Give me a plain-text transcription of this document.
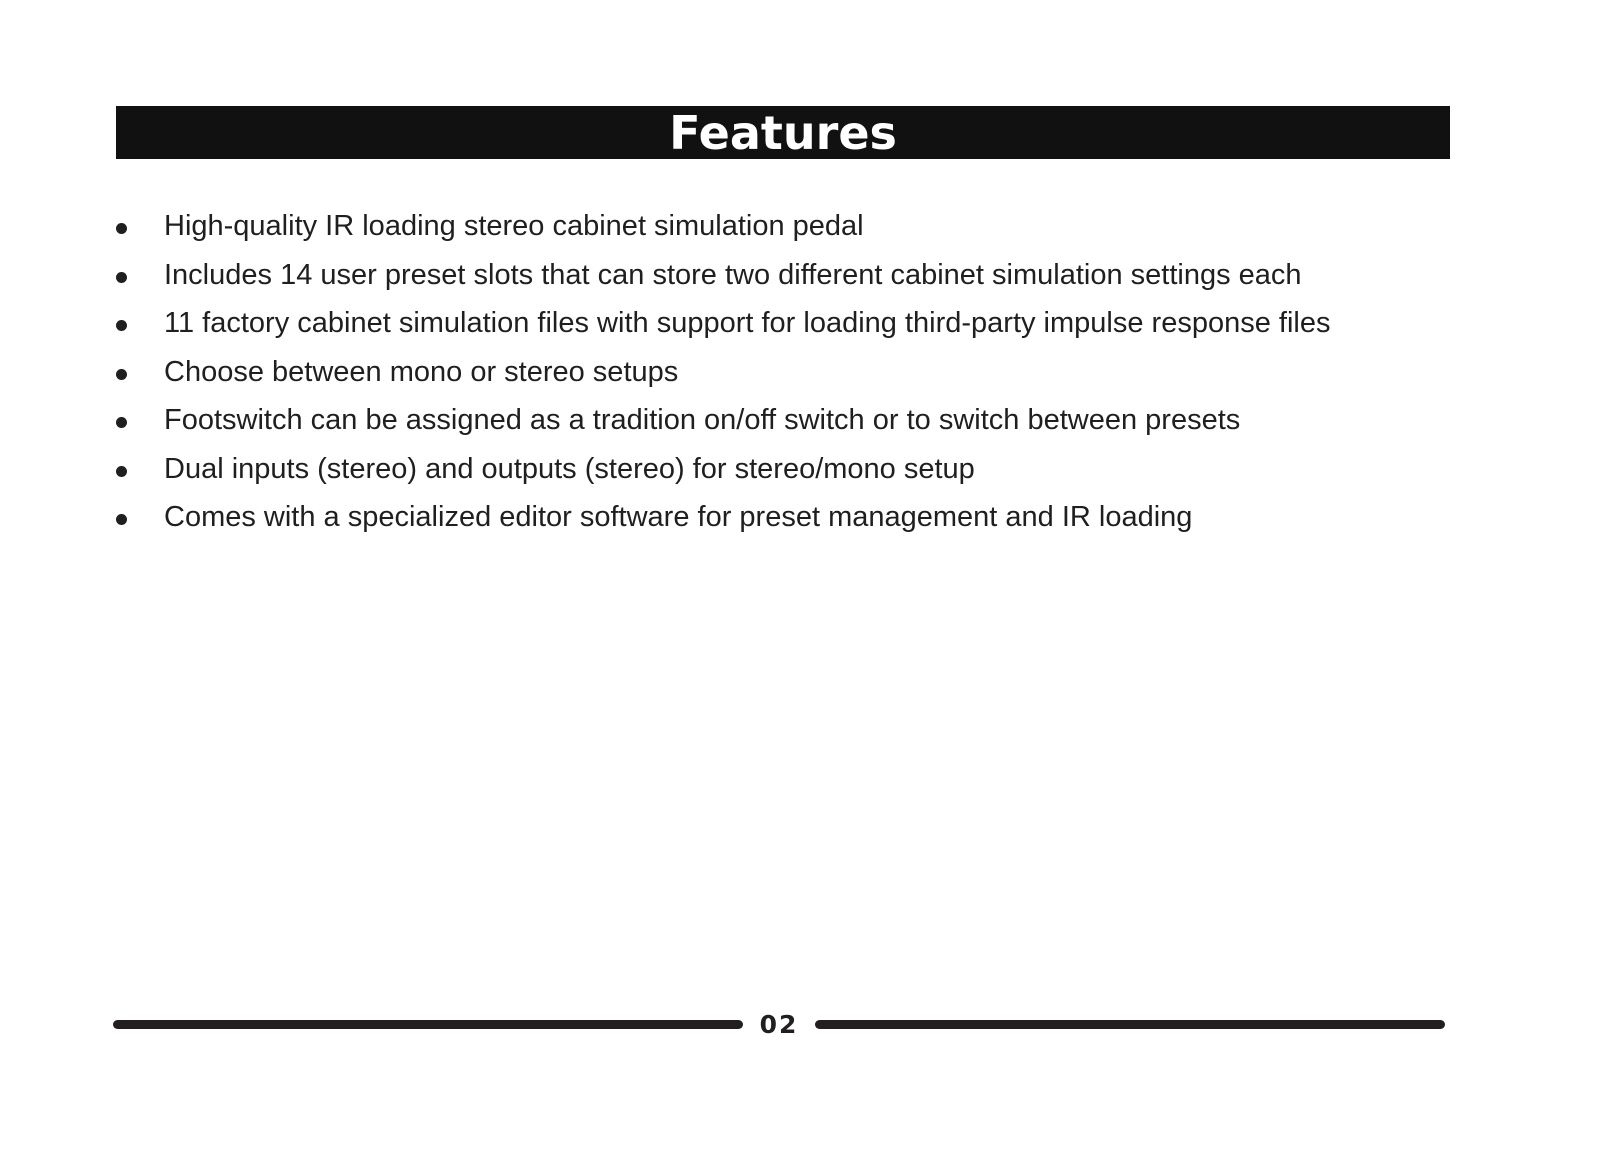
Features
High-quality IR loading stereo cabinet simulation pedal
Includes 14 user preset slots that can store two different cabinet simulation settings each
11 factory cabinet simulation files with support for loading third-party impulse response files
Choose between mono or stereo setups
Footswitch can be assigned as a tradition on/off switch or to switch between presets
Dual inputs (stereo) and outputs (stereo) for stereo/mono setup
Comes with a specialized editor software for preset management and IR loading
02
